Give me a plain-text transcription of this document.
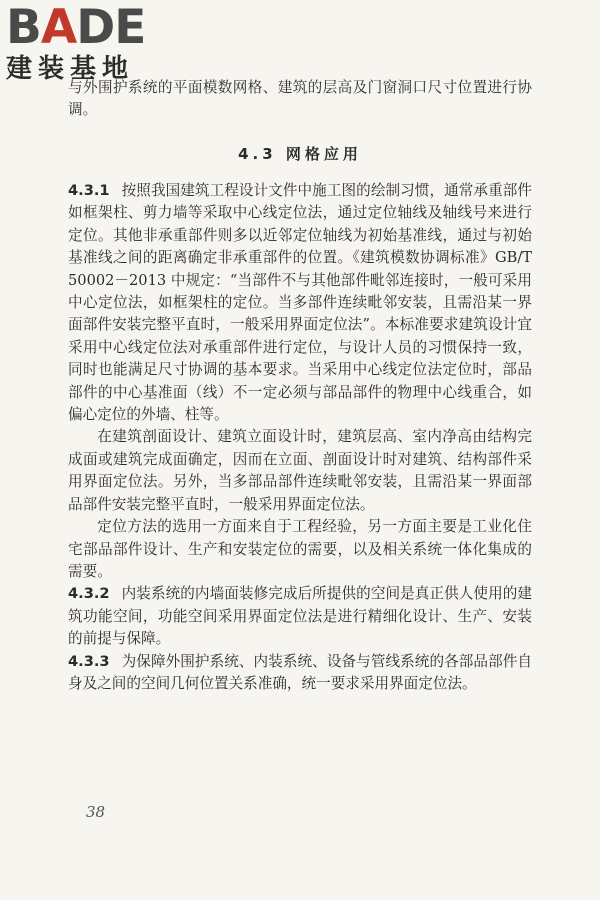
BADE
建装基地

与外围护系统的平面模数网格、建筑的层高及门窗洞口尺寸位置进行协调。

4.3 网格应用

4.3.1 按照我国建筑工程设计文件中施工图的绘制习惯，通常承重部件如框架柱、剪力墙等采取中心线定位法，通过定位轴线及轴线号来进行定位。其他非承重部件则多以近邻定位轴线为初始基准线，通过与初始基准线之间的距离确定非承重部件的位置。《建筑模数协调标准》GB/T 50002－2013 中规定：“当部件不与其他部件毗邻连接时，一般可采用中心定位法，如框架柱的定位。当多部件连续毗邻安装，且需沿某一界面部件安装完整平直时，一般采用界面定位法”。本标准要求建筑设计宜采用中心线定位法对承重部件进行定位，与设计人员的习惯保持一致，同时也能满足尺寸协调的基本要求。当采用中心线定位法定位时，部品部件的中心基准面（线）不一定必须与部品部件的物理中心线重合，如偏心定位的外墙、柱等。

在建筑剖面设计、建筑立面设计时，建筑层高、室内净高由结构完成面或建筑完成面确定，因而在立面、剖面设计时对建筑、结构部件采用界面定位法。另外，当多部品部件连续毗邻安装，且需沿某一界面部品部件安装完整平直时，一般采用界面定位法。

定位方法的选用一方面来自于工程经验，另一方面主要是工业化住宅部品部件设计、生产和安装定位的需要，以及相关系统一体化集成的需要。

4.3.2 内装系统的内墙面装修完成后所提供的空间是真正供人使用的建筑功能空间，功能空间采用界面定位法是进行精细化设计、生产、安装的前提与保障。

4.3.3 为保障外围护系统、内装系统、设备与管线系统的各部品部件自身及之间的空间几何位置关系准确，统一要求采用界面定位法。

38
